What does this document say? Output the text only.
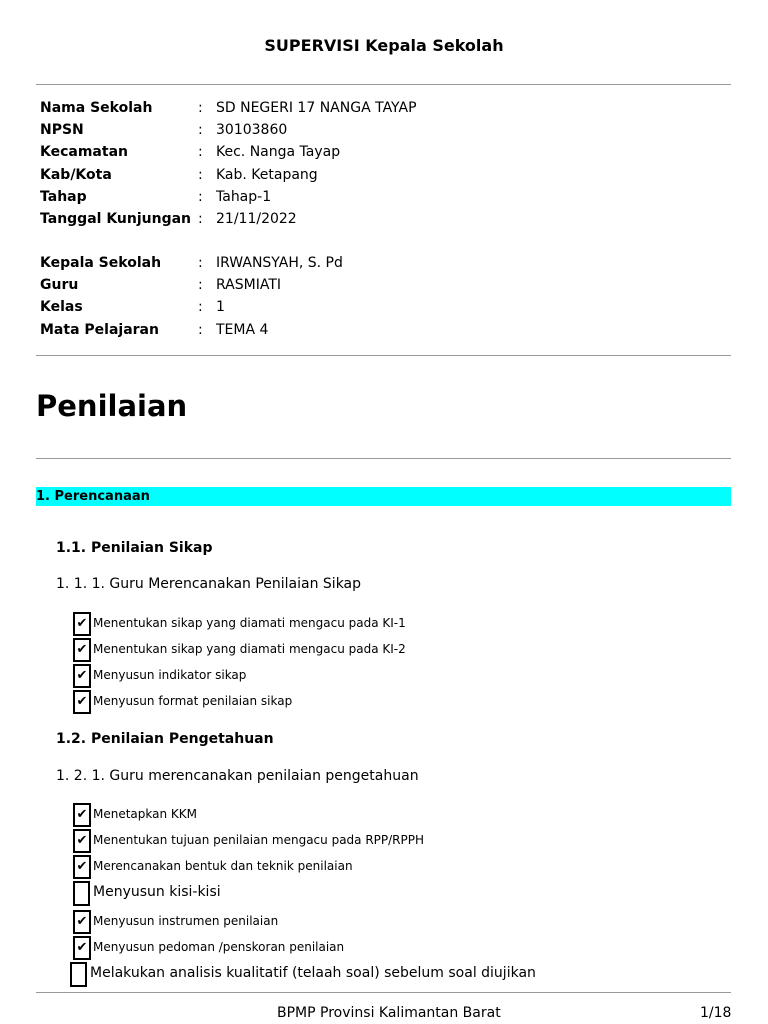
SUPERVISI Kepala Sekolah
Nama Sekolah	: SD NEGERI 17 NANGA TAYAP
NPSN	: 30103860
Kecamatan	: Kec. Nanga Tayap
Kab/Kota	: Kab. Ketapang
Tahap	: Tahap-1
Tanggal Kunjungan : 21/11/2022
Kepala Sekolah	: IRWANSYAH, S. Pd
Guru	: RASMIATI
Kelas	: 1
Mata Pelajaran	: TEMA 4
Penilaian
1. Perencanaan
1.1. Penilaian Sikap
1. 1. 1. Guru Merencanakan Penilaian Sikap
✔ Menentukan sikap yang diamati mengacu pada KI-1
✔ Menentukan sikap yang diamati mengacu pada KI-2
✔ Menyusun indikator sikap
✔ Menyusun format penilaian sikap
1.2. Penilaian Pengetahuan
1. 2. 1. Guru merencanakan penilaian pengetahuan
✔ Menetapkan KKM
✔ Menentukan tujuan penilaian mengacu pada RPP/RPPH
✔ Merencanakan bentuk dan teknik penilaian
Menyusun kisi-kisi
✔ Menyusun instrumen penilaian
✔ Menyusun pedoman /penskoran penilaian
Melakukan analisis kualitatif (telaah soal) sebelum soal diujikan
BPMP Provinsi Kalimantan Barat	1/18
